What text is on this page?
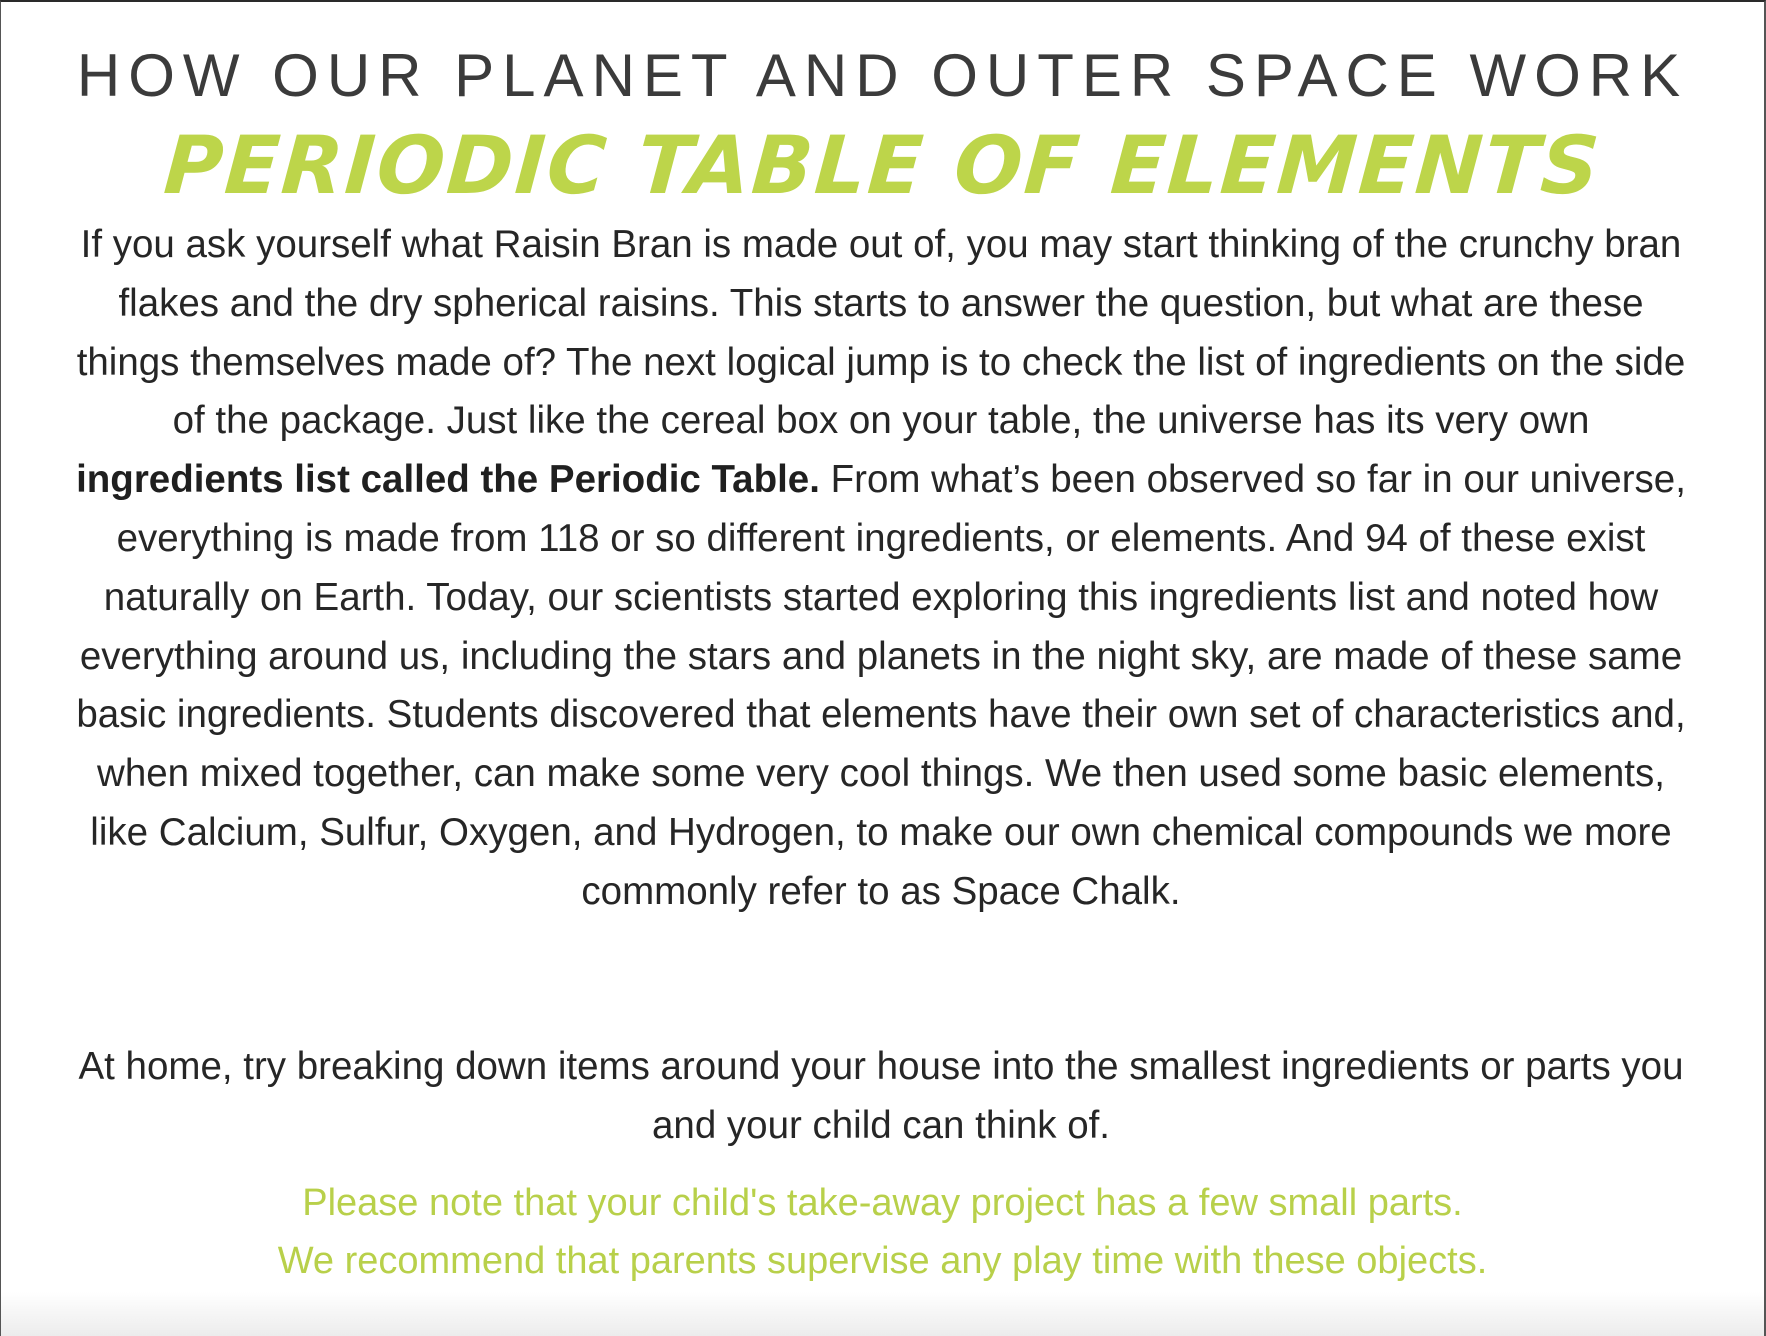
HOW OUR PLANET AND OUTER SPACE WORK
PERIODIC TABLE OF ELEMENTS

If you ask yourself what Raisin Bran is made out of, you may start thinking of the crunchy bran flakes and the dry spherical raisins. This starts to answer the question, but what are these things themselves made of? The next logical jump is to check the list of ingredients on the side of the package. Just like the cereal box on your table, the universe has its very own ingredients list called the Periodic Table. From what’s been observed so far in our universe, everything is made from 118 or so different ingredients, or elements. And 94 of these exist naturally on Earth. Today, our scientists started exploring this ingredients list and noted how everything around us, including the stars and planets in the night sky, are made of these same basic ingredients. Students discovered that elements have their own set of characteristics and, when mixed together, can make some very cool things. We then used some basic elements, like Calcium, Sulfur, Oxygen, and Hydrogen, to make our own chemical compounds we more commonly refer to as Space Chalk.

At home, try breaking down items around your house into the smallest ingredients or parts you and your child can think of.

Please note that your child's take-away project has a few small parts.

We recommend that parents supervise any play time with these objects.
